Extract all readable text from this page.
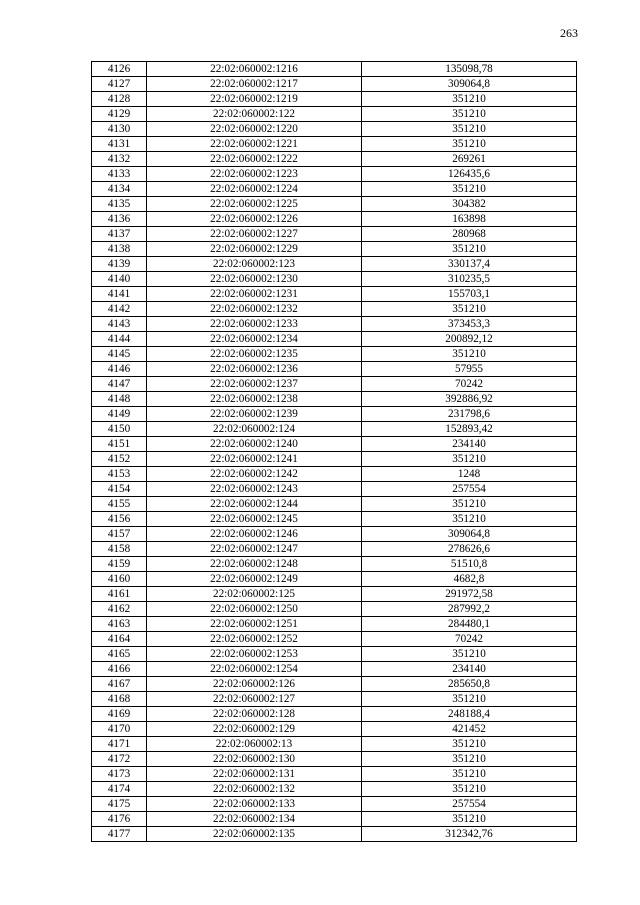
263
4126	22:02:060002:1216	135098,78
4127	22:02:060002:1217	309064,8
4128	22:02:060002:1219	351210
4129	22:02:060002:122	351210
4130	22:02:060002:1220	351210
4131	22:02:060002:1221	351210
4132	22:02:060002:1222	269261
4133	22:02:060002:1223	126435,6
4134	22:02:060002:1224	351210
4135	22:02:060002:1225	304382
4136	22:02:060002:1226	163898
4137	22:02:060002:1227	280968
4138	22:02:060002:1229	351210
4139	22:02:060002:123	330137,4
4140	22:02:060002:1230	310235,5
4141	22:02:060002:1231	155703,1
4142	22:02:060002:1232	351210
4143	22:02:060002:1233	373453,3
4144	22:02:060002:1234	200892,12
4145	22:02:060002:1235	351210
4146	22:02:060002:1236	57955
4147	22:02:060002:1237	70242
4148	22:02:060002:1238	392886,92
4149	22:02:060002:1239	231798,6
4150	22:02:060002:124	152893,42
4151	22:02:060002:1240	234140
4152	22:02:060002:1241	351210
4153	22:02:060002:1242	1248
4154	22:02:060002:1243	257554
4155	22:02:060002:1244	351210
4156	22:02:060002:1245	351210
4157	22:02:060002:1246	309064,8
4158	22:02:060002:1247	278626,6
4159	22:02:060002:1248	51510,8
4160	22:02:060002:1249	4682,8
4161	22:02:060002:125	291972,58
4162	22:02:060002:1250	287992,2
4163	22:02:060002:1251	284480,1
4164	22:02:060002:1252	70242
4165	22:02:060002:1253	351210
4166	22:02:060002:1254	234140
4167	22:02:060002:126	285650,8
4168	22:02:060002:127	351210
4169	22:02:060002:128	248188,4
4170	22:02:060002:129	421452
4171	22:02:060002:13	351210
4172	22:02:060002:130	351210
4173	22:02:060002:131	351210
4174	22:02:060002:132	351210
4175	22:02:060002:133	257554
4176	22:02:060002:134	351210
4177	22:02:060002:135	312342,76
